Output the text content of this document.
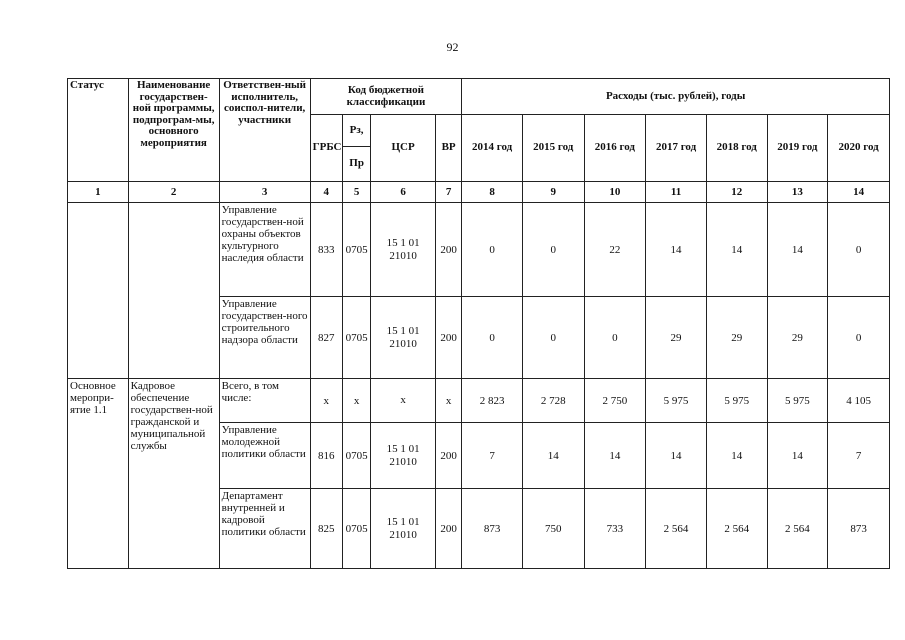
92
Статус	Наименование государствен-ной программы, подпрограм-мы, основного мероприятия	Ответствен-ный исполнитель, соиспол-нители, участники	Код бюджетной классификации				Расходы (тыс. рублей), годы						
			ГРБС	Рз,	ЦСР	ВР	2014 год	2015 год	2016 год	2017 год	2018 год	2019 год	2020 год
				Пр									
1	2	3	4	5	6	7	8	9	10	11	12	13	14
		Управление государствен-ной охраны объектов культурного наследия области	833	0705	15 1 01 21010	200	0	0	22	14	14	14	0
		Управление государствен-ного строительного надзора области	827	0705	15 1 01 21010	200	0	0	0	29	29	29	0
Основное меропри-ятие 1.1	Кадровое обеспечение государствен-ной гражданской и муниципальной службы	Всего, в том числе:	х	х	х	х	2 823	2 728	2 750	5 975	5 975	5 975	4 105
		Управление молодежной политики области	816	0705	15 1 01 21010	200	7	14	14	14	14	14	7
		Департамент внутренней и кадровой политики области	825	0705	15 1 01 21010	200	873	750	733	2 564	2 564	2 564	873
